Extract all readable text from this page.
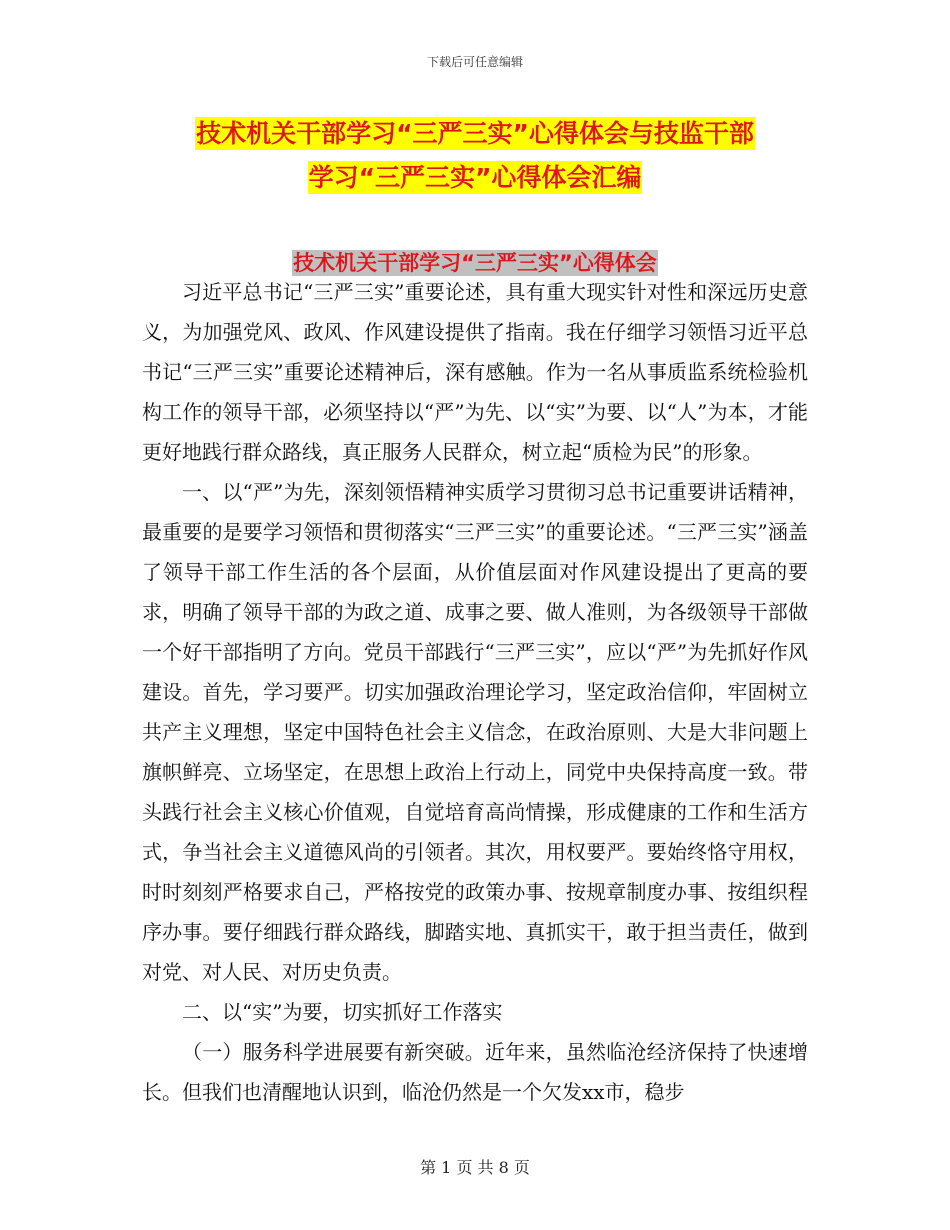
下载后可任意编辑
技术机关干部学习“三严三实”心得体会与技监干部
学习“三严三实”心得体会汇编
技术机关干部学习“三严三实”心得体会

习近平总书记“三严三实”重要论述，具有重大现实针对性和深远历史意义，为加强党风、政风、作风建设提供了指南。我在仔细学习领悟习近平总书记“三严三实”重要论述精神后，深有感触。作为一名从事质监系统检验机构工作的领导干部，必须坚持以“严”为先、以“实”为要、以“人”为本，才能更好地践行群众路线，真正服务人民群众，树立起“质检为民”的形象。

一、以“严”为先，深刻领悟精神实质学习贯彻习总书记重要讲话精神，最重要的是要学习领悟和贯彻落实“三严三实”的重要论述。“三严三实”涵盖了领导干部工作生活的各个层面，从价值层面对作风建设提出了更高的要求，明确了领导干部的为政之道、成事之要、做人准则，为各级领导干部做一个好干部指明了方向。党员干部践行“三严三实”，应以“严”为先抓好作风建设。首先，学习要严。切实加强政治理论学习，坚定政治信仰，牢固树立共产主义理想，坚定中国特色社会主义信念，在政治原则、大是大非问题上旗帜鲜亮、立场坚定，在思想上政治上行动上，同党中央保持高度一致。带头践行社会主义核心价值观，自觉培育高尚情操，形成健康的工作和生活方式，争当社会主义道德风尚的引领者。其次，用权要严。要始终恪守用权，时时刻刻严格要求自己，严格按党的政策办事、按规章制度办事、按组织程序办事。要仔细践行群众路线，脚踏实地、真抓实干，敢于担当责任，做到对党、对人民、对历史负责。

二、以“实”为要，切实抓好工作落实

（一）服务科学进展要有新突破。近年来，虽然临沧经济保持了快速增长。但我们也清醒地认识到，临沧仍然是一个欠发xx市，稳步

第 1 页 共 8 页
